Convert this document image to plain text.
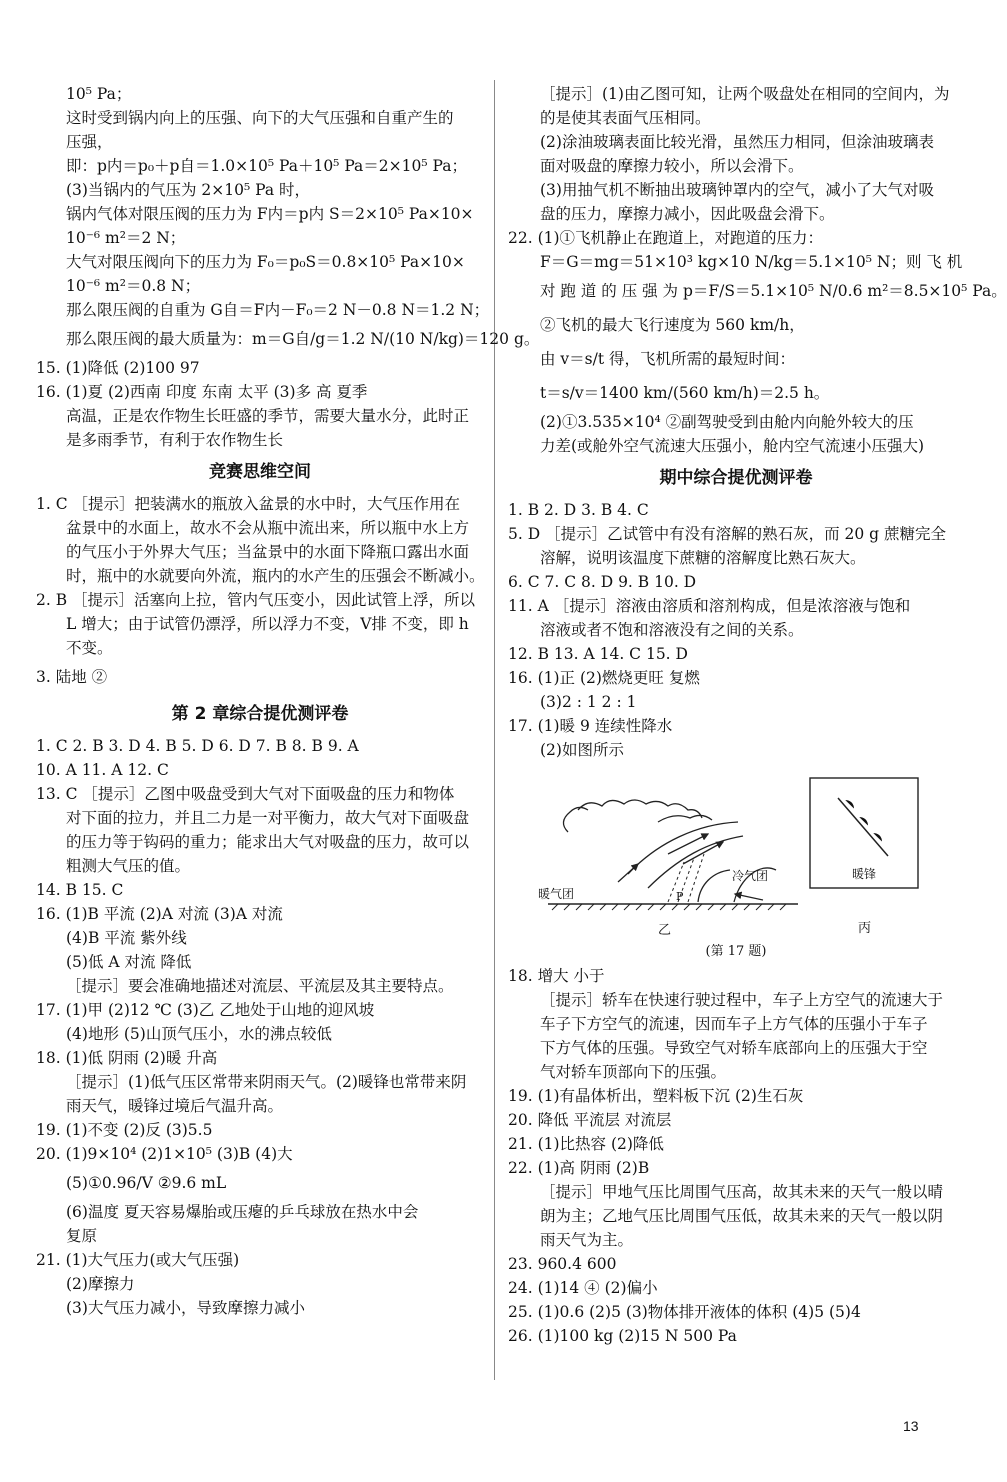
10⁵ Pa；
这时受到锅内向上的压强、向下的大气压强和自重产生的
压强，
即：p内＝p₀＋p自＝1.0×10⁵ Pa＋10⁵ Pa＝2×10⁵ Pa；
(3)当锅内的气压为 2×10⁵ Pa 时，
锅内气体对限压阀的压力为 F内＝p内 S＝2×10⁵ Pa×10×
10⁻⁶ m²＝2 N；
大气对限压阀向下的压力为 F₀＝p₀S＝0.8×10⁵ Pa×10×
10⁻⁶ m²＝0.8 N；
那么限压阀的自重为 G自＝F内－F₀＝2 N－0.8 N＝1.2 N；
那么限压阀的最大质量为：m＝G自/g＝1.2 N/(10 N/kg)＝120 g。
15. (1)降低 (2)100 97
16. (1)夏 (2)西南 印度 东南 太平 (3)多 高 夏季
高温，正是农作物生长旺盛的季节，需要大量水分，此时正
是多雨季节，有利于农作物生长
竞赛思维空间
1. C ［提示］把装满水的瓶放入盆景的水中时，大气压作用在
盆景中的水面上，故水不会从瓶中流出来，所以瓶中水上方
的气压小于外界大气压；当盆景中的水面下降瓶口露出水面
时，瓶中的水就要向外流，瓶内的水产生的压强会不断减小。
2. B ［提示］活塞向上拉，管内气压变小，因此试管上浮，所以
L 增大；由于试管仍漂浮，所以浮力不变，V排 不变，即 h
不变。
3. 陆地 ②
第 2 章综合提优测评卷
1. C 2. B 3. D 4. B 5. D 6. D 7. B 8. B 9. A
10. A 11. A 12. C
13. C ［提示］乙图中吸盘受到大气对下面吸盘的压力和物体
对下面的拉力，并且二力是一对平衡力，故大气对下面吸盘
的压力等于钩码的重力；能求出大气对吸盘的压力，故可以
粗测大气压的值。
14. B 15. C
16. (1)B 平流 (2)A 对流 (3)A 对流
(4)B 平流 紫外线
(5)低 A 对流 降低
［提示］要会准确地描述对流层、平流层及其主要特点。
17. (1)甲 (2)12 ℃ (3)乙 乙地处于山地的迎风坡
(4)地形 (5)山顶气压小，水的沸点较低
18. (1)低 阴雨 (2)暖 升高
［提示］(1)低气压区常带来阴雨天气。(2)暖锋也常带来阴
雨天气，暖锋过境后气温升高。
19. (1)不变 (2)反 (3)5.5
20. (1)9×10⁴ (2)1×10⁵ (3)B (4)大
(5)①0.96/V ②9.6 mL
(6)温度 夏天容易爆胎或压瘪的乒乓球放在热水中会
复原
21. (1)大气压力(或大气压强)
(2)摩擦力
(3)大气压力减小，导致摩擦力减小
［提示］(1)由乙图可知，让两个吸盘处在相同的空间内，为
的是使其表面气压相同。
(2)涂油玻璃表面比较光滑，虽然压力相同，但涂油玻璃表
面对吸盘的摩擦力较小，所以会滑下。
(3)用抽气机不断抽出玻璃钟罩内的空气，减小了大气对吸
盘的压力，摩擦力减小，因此吸盘会滑下。
22. (1)①飞机静止在跑道上，对跑道的压力：
F＝G＝mg＝51×10³ kg×10 N/kg＝5.1×10⁵ N；则 飞 机
对 跑 道 的 压 强 为 p＝F/S＝5.1×10⁵ N/0.6 m²＝8.5×10⁵ Pa。
②飞机的最大飞行速度为 560 km/h，
由 v＝s/t 得，飞机所需的最短时间：
t＝s/v＝1400 km/(560 km/h)＝2.5 h。
(2)①3.535×10⁴ ②副驾驶受到由舱内向舱外较大的压
力差(或舱外空气流速大压强小，舱内空气流速小压强大)
期中综合提优测评卷
1. B 2. D 3. B 4. C
5. D ［提示］乙试管中有没有溶解的熟石灰，而 20 g 蔗糖完全
溶解，说明该温度下蔗糖的溶解度比熟石灰大。
6. C 7. C 8. D 9. B 10. D
11. A ［提示］溶液由溶质和溶剂构成，但是浓溶液与饱和
溶液或者不饱和溶液没有之间的关系。
12. B 13. A 14. C 15. D
16. (1)正 (2)燃烧更旺 复燃
(3)2 : 1 2 : 1
17. (1)暖 9 连续性降水
(2)如图所示
暖气团
冷气团
P
乙
暖锋
丙
(第 17 题)
18. 增大 小于
［提示］轿车在快速行驶过程中，车子上方空气的流速大于
车子下方空气的流速，因而车子上方气体的压强小于车子
下方气体的压强。导致空气对轿车底部向上的压强大于空
气对轿车顶部向下的压强。
19. (1)有晶体析出，塑料板下沉 (2)生石灰
20. 降低 平流层 对流层
21. (1)比热容 (2)降低
22. (1)高 阴雨 (2)B
［提示］甲地气压比周围气压高，故其未来的天气一般以晴
朗为主；乙地气压比周围气压低，故其未来的天气一般以阴
雨天气为主。
23. 960.4 600
24. (1)14 ④ (2)偏小
25. (1)0.6 (2)5 (3)物体排开液体的体积 (4)5 (5)4
26. (1)100 kg (2)15 N 500 Pa
13
